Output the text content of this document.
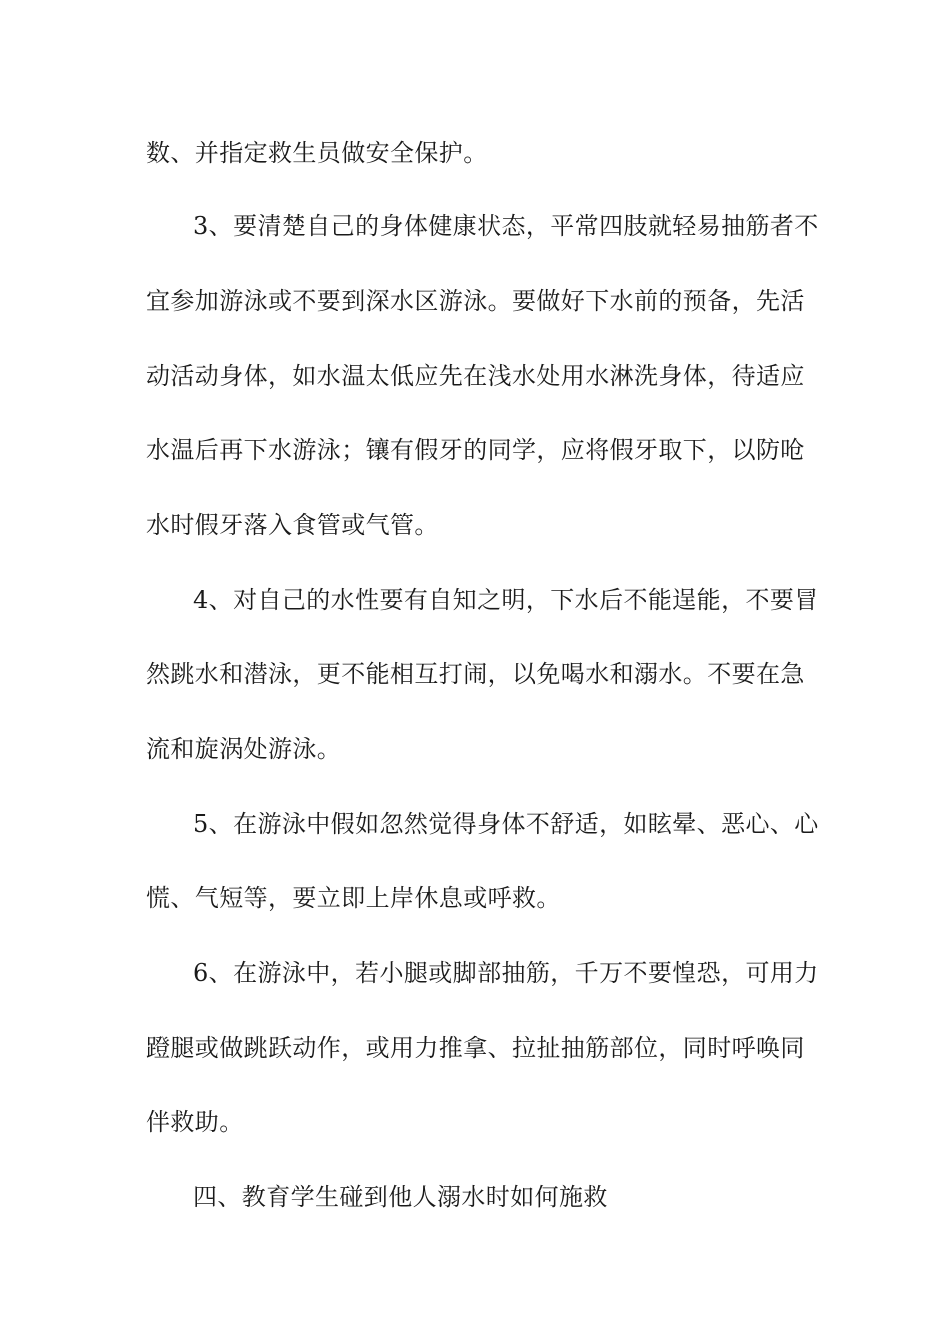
数、并指定救生员做安全保护。
3、要清楚自己的身体健康状态，平常四肢就轻易抽筋者不
宜参加游泳或不要到深水区游泳。要做好下水前的预备，先活
动活动身体，如水温太低应先在浅水处用水淋洗身体，待适应
水温后再下水游泳；镶有假牙的同学，应将假牙取下，以防呛
水时假牙落入食管或气管。
4、对自己的水性要有自知之明，下水后不能逞能，不要冒
然跳水和潜泳，更不能相互打闹，以免喝水和溺水。不要在急
流和旋涡处游泳。
5、在游泳中假如忽然觉得身体不舒适，如眩晕、恶心、心
慌、气短等，要立即上岸休息或呼救。
6、在游泳中，若小腿或脚部抽筋，千万不要惶恐，可用力
蹬腿或做跳跃动作，或用力推拿、拉扯抽筋部位，同时呼唤同
伴救助。
四、教育学生碰到他人溺水时如何施救
